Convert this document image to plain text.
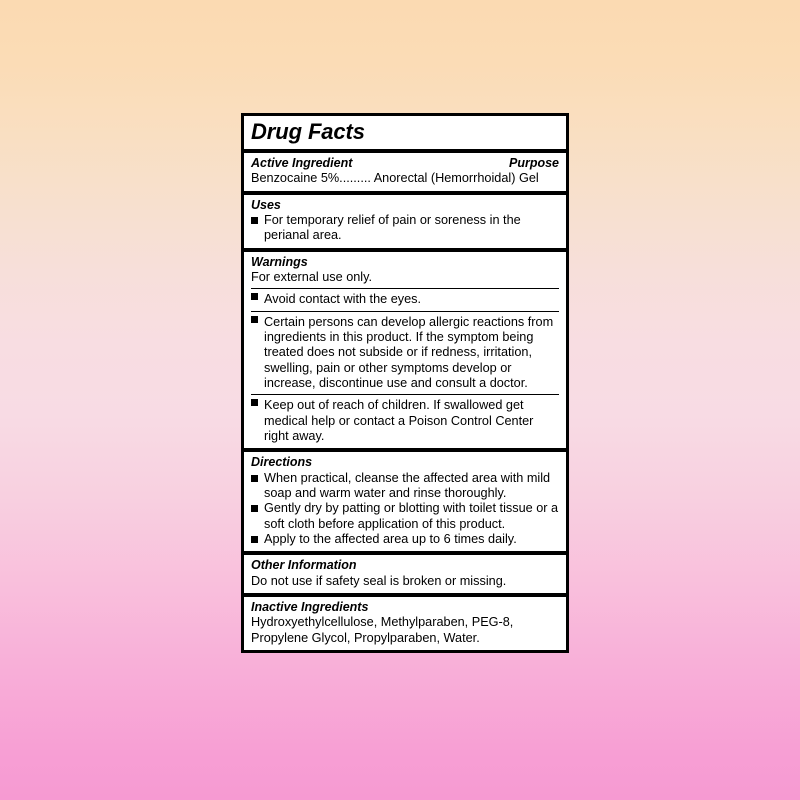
Drug Facts
Active Ingredient	Purpose
Benzocaine 5%......... Anorectal (Hemorrhoidal) Gel
Uses
For temporary relief of pain or soreness in the perianal area.
Warnings
For external use only.
Avoid contact with the eyes.
Certain persons can develop allergic reactions from ingredients in this product. If the symptom being treated does not subside or if redness, irritation, swelling, pain or other symptoms develop or increase, discontinue use and consult a doctor.
Keep out of reach of children. If swallowed get medical help or contact a Poison Control Center right away.
Directions
When practical, cleanse the affected area with mild soap and warm water and rinse thoroughly.
Gently dry by patting or blotting with toilet tissue or a soft cloth before application of this product.
Apply to the affected area up to 6 times daily.
Other Information
Do not use if safety seal is broken or missing.
Inactive Ingredients
Hydroxyethylcellulose, Methylparaben, PEG-8, Propylene Glycol, Propylparaben, Water.
